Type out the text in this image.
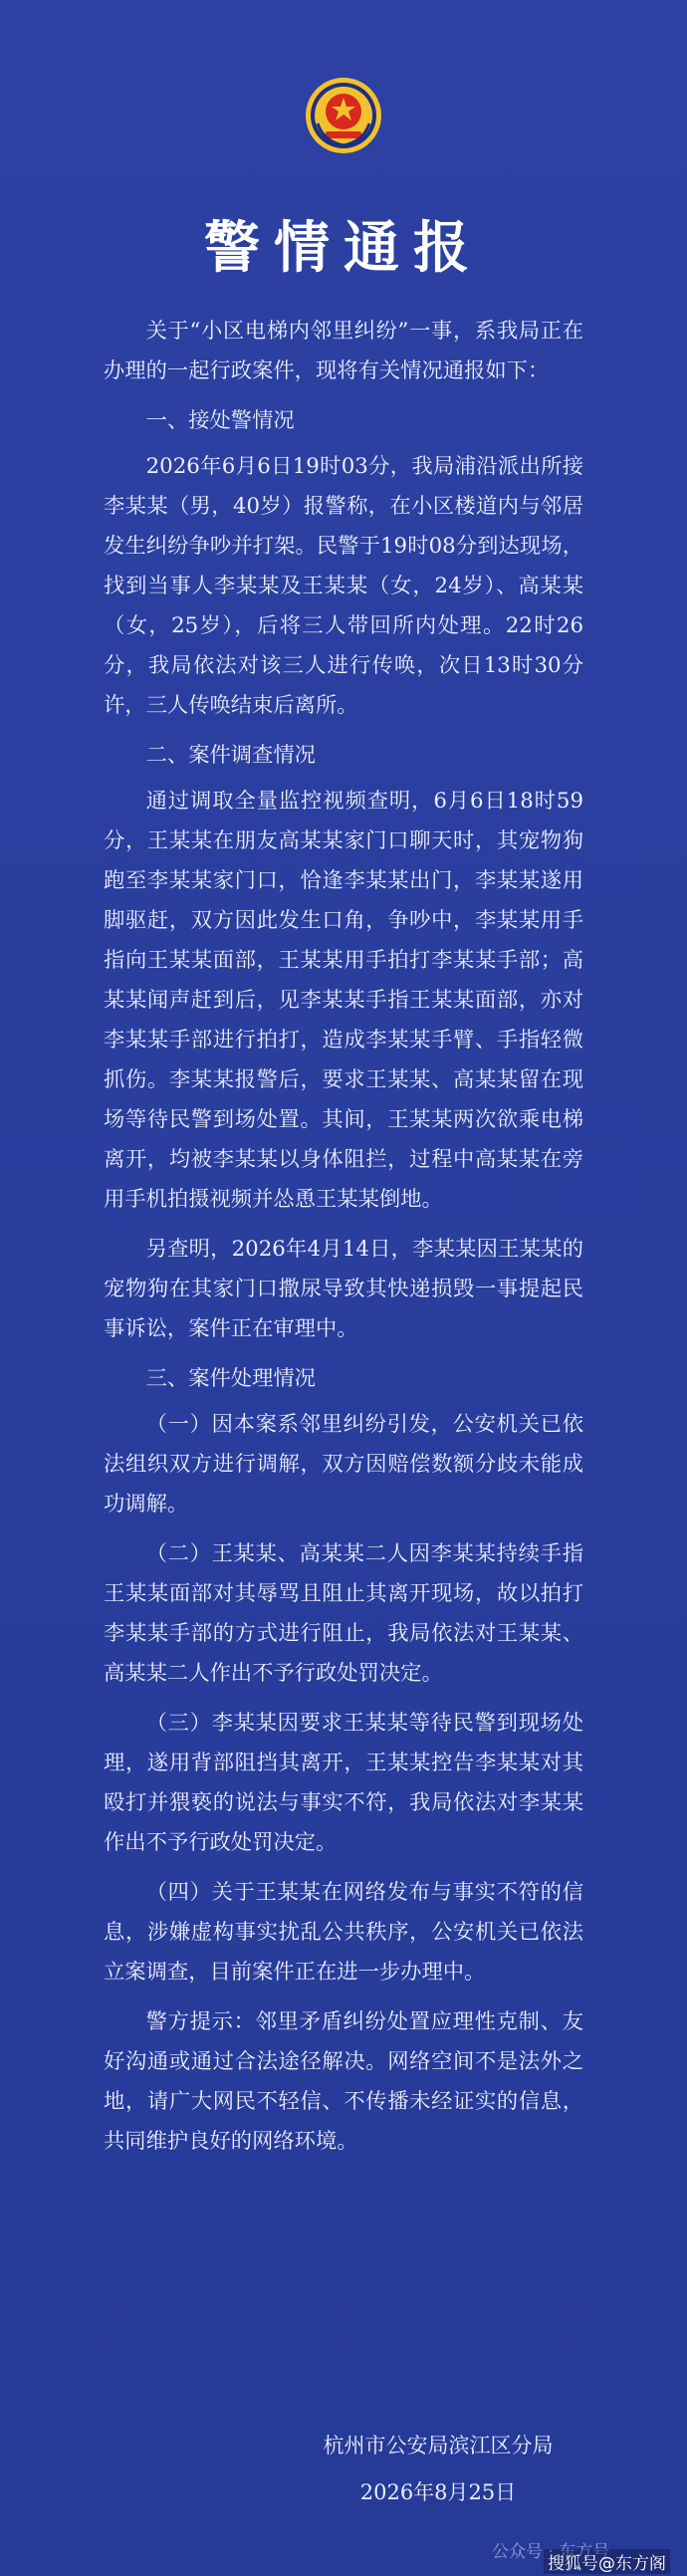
警情通报

关于“小区电梯内邻里纠纷”一事，系我局正在办理的一起行政案件，现将有关情况通报如下：

一、接处警情况

2026年6月6日19时03分，我局浦沿派出所接李某某（男，40岁）报警称，在小区楼道内与邻居发生纠纷争吵并打架。民警于19时08分到达现场，找到当事人李某某及王某某（女，24岁）、高某某（女，25岁），后将三人带回所内处理。22时26分，我局依法对该三人进行传唤，次日13时30分许，三人传唤结束后离所。

二、案件调查情况

通过调取全量监控视频查明，6月6日18时59分，王某某在朋友高某某家门口聊天时，其宠物狗跑至李某某家门口，恰逢李某某出门，李某某遂用脚驱赶，双方因此发生口角，争吵中，李某某用手指向王某某面部，王某某用手拍打李某某手部；高某某闻声赶到后，见李某某手指王某某面部，亦对李某某手部进行拍打，造成李某某手臂、手指轻微抓伤。李某某报警后，要求王某某、高某某留在现场等待民警到场处置。其间，王某某两次欲乘电梯离开，均被李某某以身体阻拦，过程中高某某在旁用手机拍摄视频并怂恿王某某倒地。

另查明，2026年4月14日，李某某因王某某的宠物狗在其家门口撒尿导致其快递损毁一事提起民事诉讼，案件正在审理中。

三、案件处理情况

（一）因本案系邻里纠纷引发，公安机关已依法组织双方进行调解，双方因赔偿数额分歧未能成功调解。

（二）王某某、高某某二人因李某某持续手指王某某面部对其辱骂且阻止其离开现场，故以拍打李某某手部的方式进行阻止，我局依法对王某某、高某某二人作出不予行政处罚决定。

（三）李某某因要求王某某等待民警到现场处理，遂用背部阻挡其离开，王某某控告李某某对其殴打并猥亵的说法与事实不符，我局依法对李某某作出不予行政处罚决定。

（四）关于王某某在网络发布与事实不符的信息，涉嫌虚构事实扰乱公共秩序，公安机关已依法立案调查，目前案件正在进一步办理中。

警方提示：邻里矛盾纠纷处置应理性克制、友好沟通或通过合法途径解决。网络空间不是法外之地，请广大网民不轻信、不传播未经证实的信息，共同维护良好的网络环境。

杭州市公安局滨江区分局
2026年8月25日
公众号 · 东方号
搜狐号@东方阁
